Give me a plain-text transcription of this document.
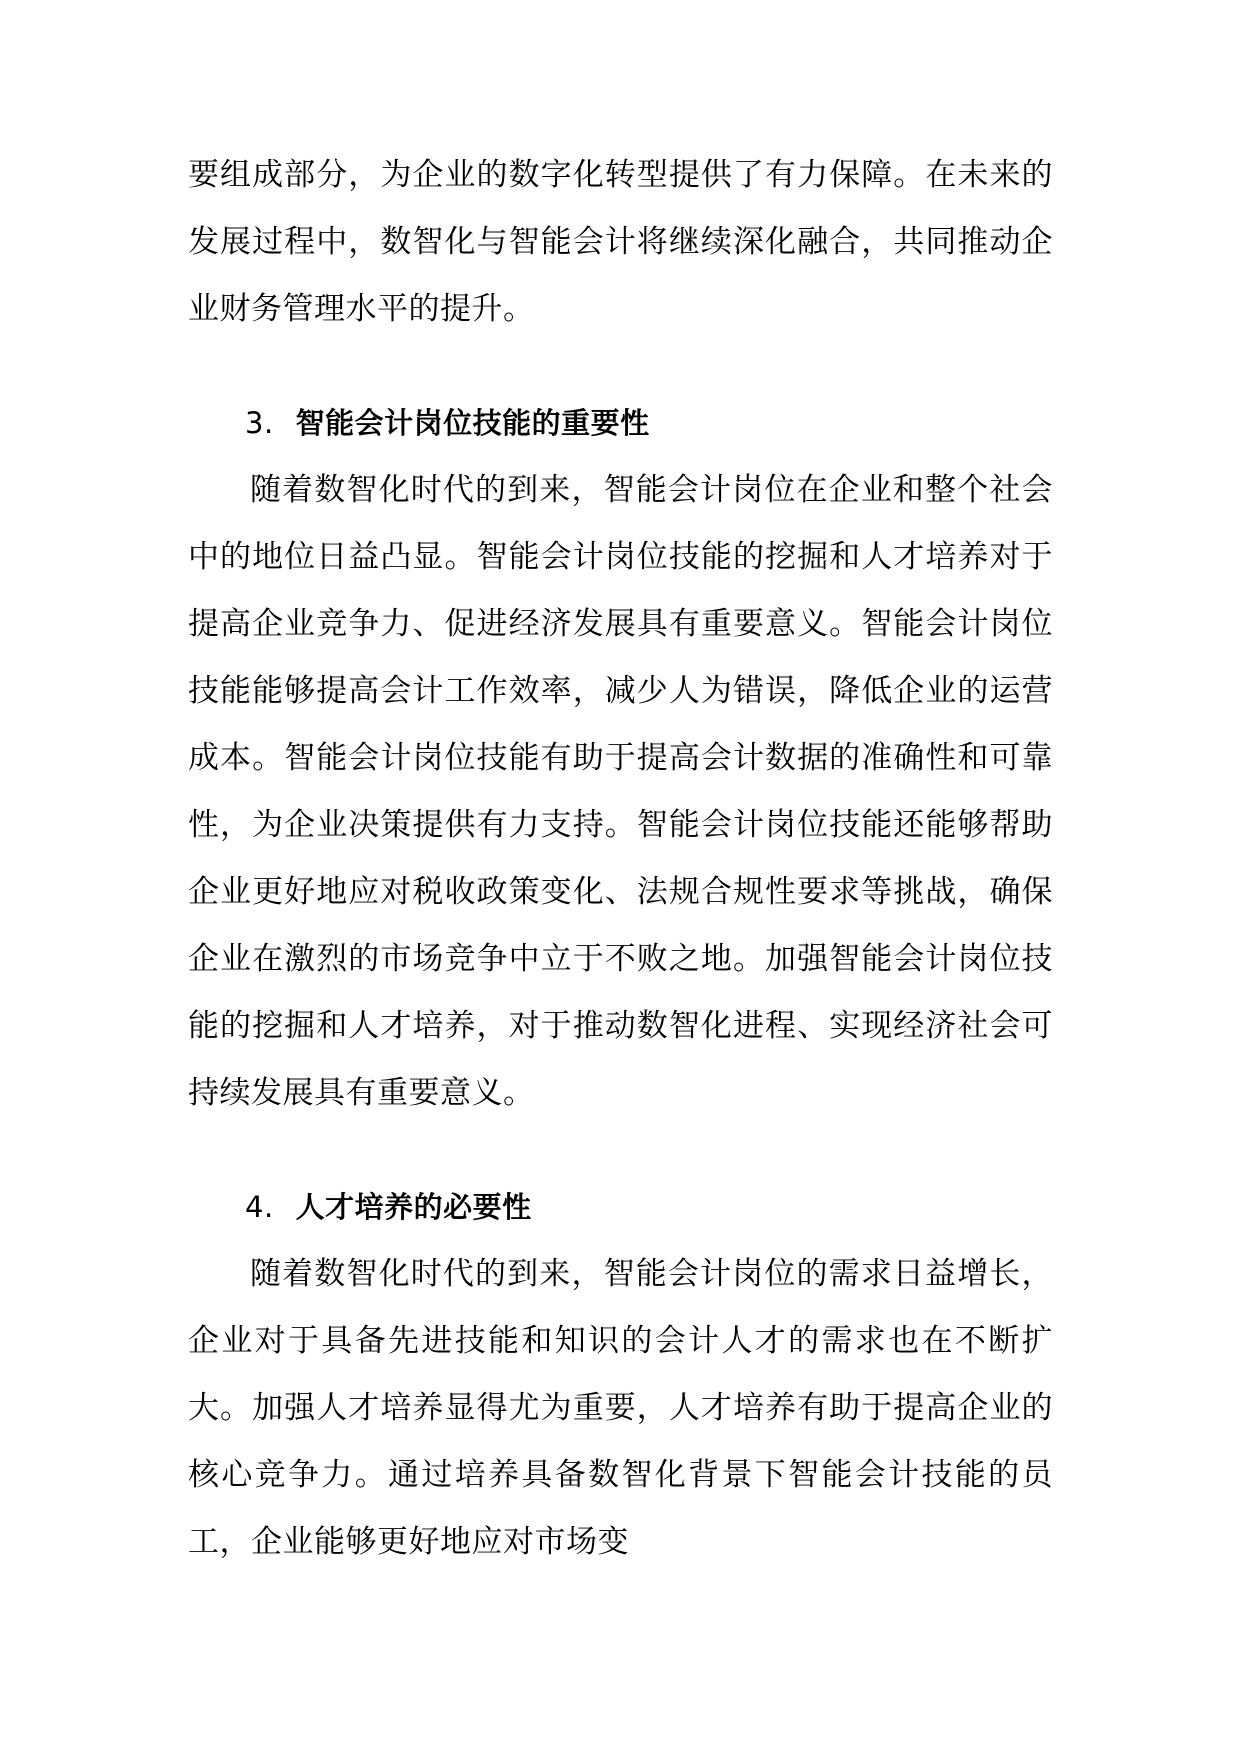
要组成部分，为企业的数字化转型提供了有力保障。在未来的发展过程中，数智化与智能会计将继续深化融合，共同推动企业财务管理水平的提升。

3. 智能会计岗位技能的重要性

随着数智化时代的到来，智能会计岗位在企业和整个社会中的地位日益凸显。智能会计岗位技能的挖掘和人才培养对于提高企业竞争力、促进经济发展具有重要意义。智能会计岗位技能能够提高会计工作效率，减少人为错误，降低企业的运营成本。智能会计岗位技能有助于提高会计数据的准确性和可靠性，为企业决策提供有力支持。智能会计岗位技能还能够帮助企业更好地应对税收政策变化、法规合规性要求等挑战，确保企业在激烈的市场竞争中立于不败之地。加强智能会计岗位技能的挖掘和人才培养，对于推动数智化进程、实现经济社会可持续发展具有重要意义。

4. 人才培养的必要性

随着数智化时代的到来，智能会计岗位的需求日益增长，企业对于具备先进技能和知识的会计人才的需求也在不断扩大。加强人才培养显得尤为重要，人才培养有助于提高企业的核心竞争力。通过培养具备数智化背景下智能会计技能的员工，企业能够更好地应对市场变
